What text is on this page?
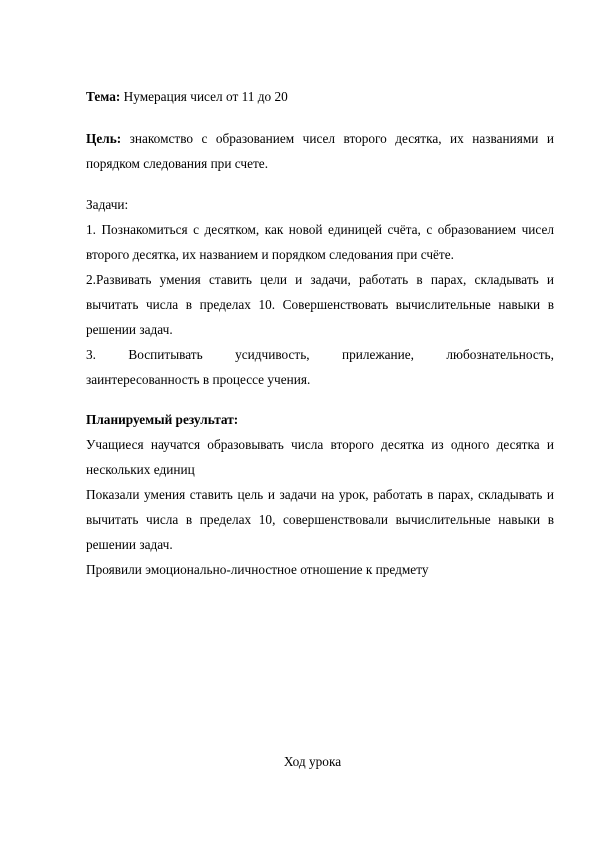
Тема: Нумерация чисел от 11 до 20
Цель: знакомство с образованием чисел второго десятка, их названиями и порядком следования при счете.
Задачи:
1. Познакомиться с десятком, как новой единицей счёта, с образованием чисел второго десятка, их названием и порядком следования при счёте.
2.Развивать умения ставить цели и задачи, работать в парах, складывать и вычитать числа в пределах 10. Совершенствовать вычислительные навыки в решении задач.
3. Воспитывать усидчивость, прилежание, любознательность,
заинтересованность в процессе учения.
Планируемый результат:
Учащиеся научатся образовывать числа второго десятка из одного десятка и нескольких единиц
Показали умения ставить цель и задачи на урок, работать в парах, складывать и вычитать числа в пределах 10, совершенствовали вычислительные навыки в решении задач.
Проявили эмоционально-личностное отношение к предмету
Ход урока
